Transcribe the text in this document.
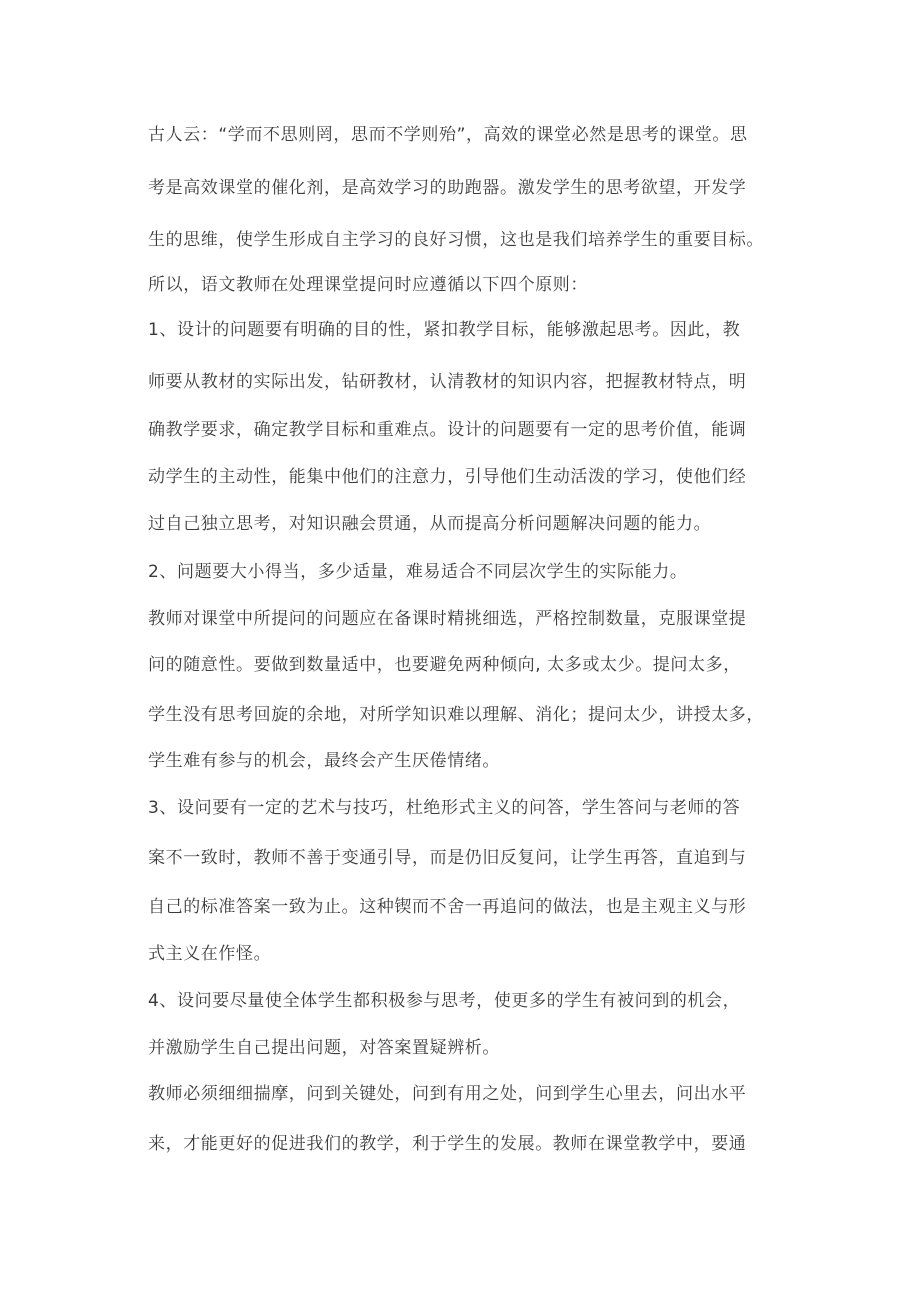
古人云：“学而不思则罔，思而不学则殆”，高效的课堂必然是思考的课堂。思
考是高效课堂的催化剂，是高效学习的助跑器。激发学生的思考欲望，开发学
生的思维，使学生形成自主学习的良好习惯，这也是我们培养学生的重要目标。
所以，语文教师在处理课堂提问时应遵循以下四个原则：
1、设计的问题要有明确的目的性，紧扣教学目标，能够激起思考。因此，教
师要从教材的实际出发，钻研教材，认清教材的知识内容，把握教材特点，明
确教学要求，确定教学目标和重难点。设计的问题要有一定的思考价值，能调
动学生的主动性，能集中他们的注意力，引导他们生动活泼的学习，使他们经
过自己独立思考，对知识融会贯通，从而提高分析问题解决问题的能力。
2、问题要大小得当，多少适量，难易适合不同层次学生的实际能力。
教师对课堂中所提问的问题应在备课时精挑细选，严格控制数量，克服课堂提
问的随意性。要做到数量适中，也要避免两种倾向, 太多或太少。提问太多，
学生没有思考回旋的余地，对所学知识难以理解、消化；提问太少，讲授太多，
学生难有参与的机会，最终会产生厌倦情绪。
3、设问要有一定的艺术与技巧，杜绝形式主义的问答，学生答问与老师的答
案不一致时，教师不善于变通引导，而是仍旧反复问，让学生再答，直追到与
自己的标准答案一致为止。这种锲而不舍一再追问的做法，也是主观主义与形
式主义在作怪。
4、设问要尽量使全体学生都积极参与思考，使更多的学生有被问到的机会，
并激励学生自己提出问题，对答案置疑辨析。
教师必须细细揣摩，问到关键处，问到有用之处，问到学生心里去，问出水平
来，才能更好的促进我们的教学，利于学生的发展。教师在课堂教学中，要通
